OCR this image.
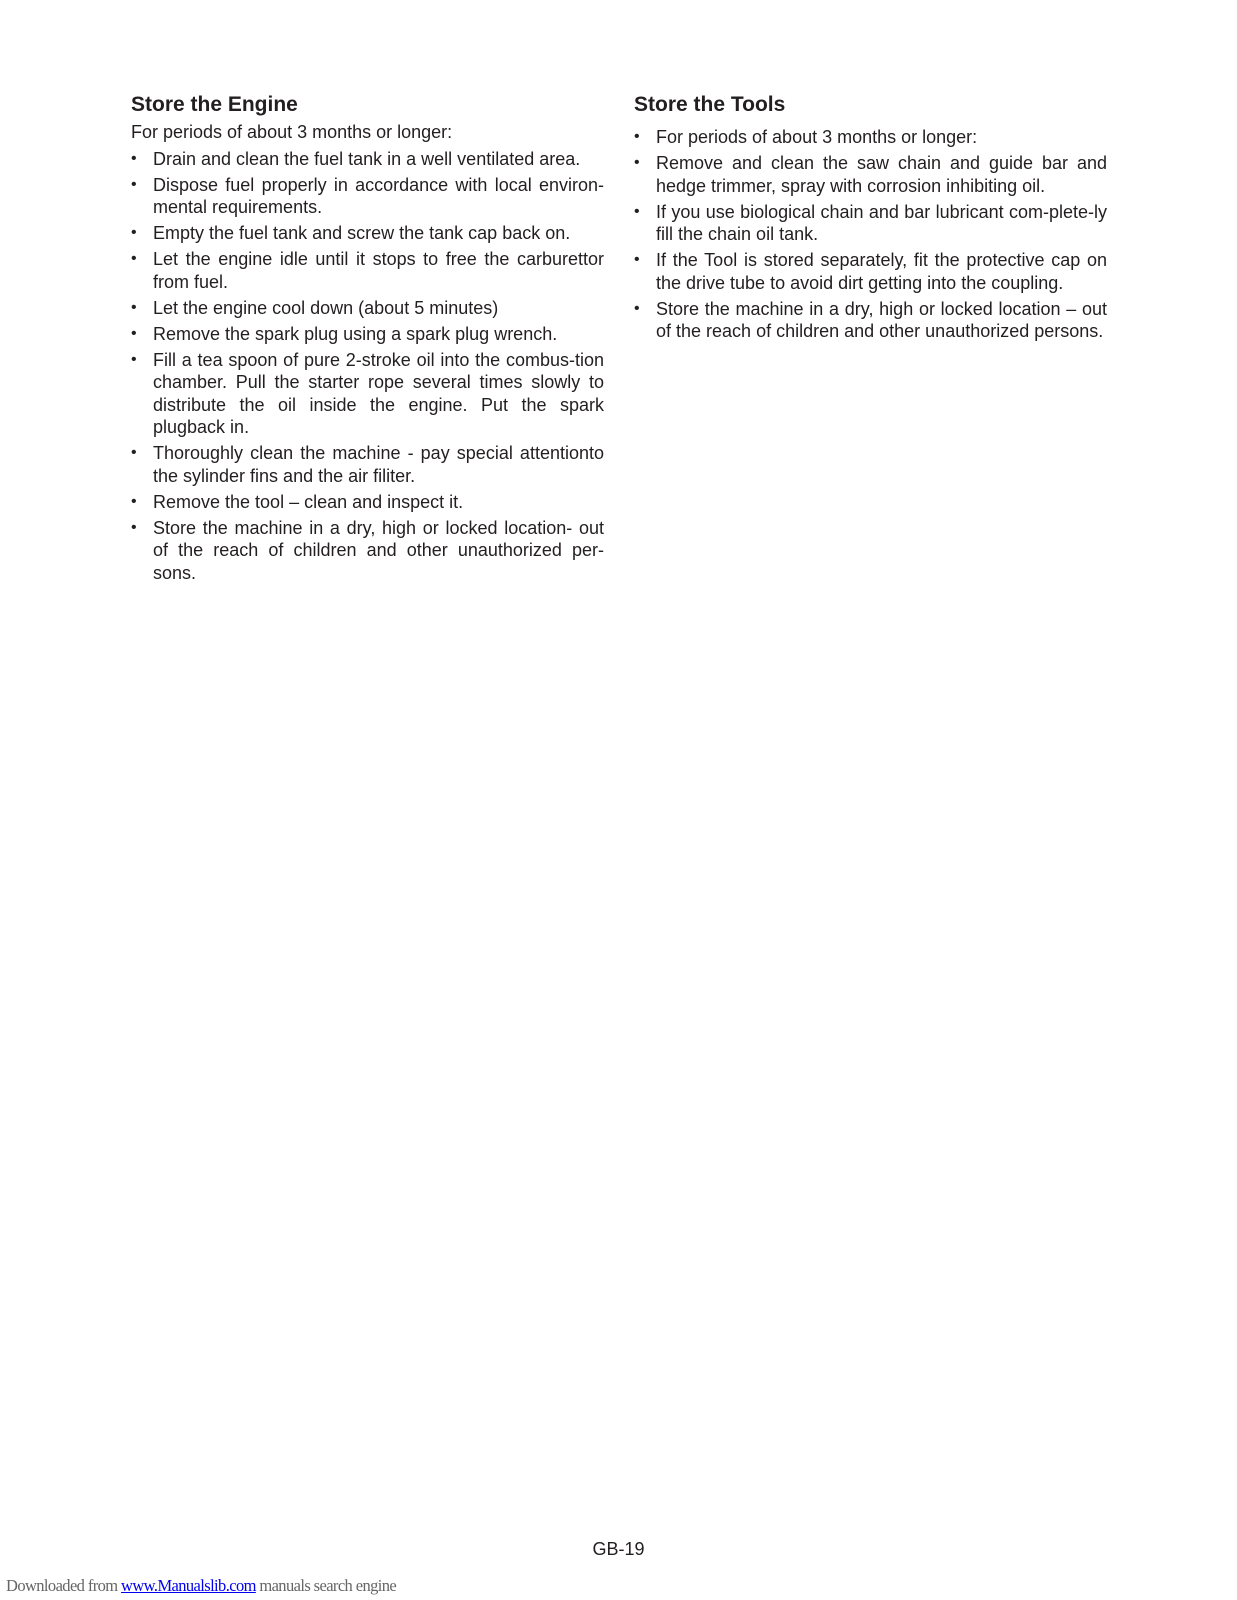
Store the Engine

For periods of about 3 months or longer:

• Drain and clean the fuel tank in a well ventilated area.
• Dispose fuel properly in accordance with local environ-mental requirements.
• Empty the fuel tank and screw the tank cap back on.
• Let the engine idle until it stops to free the carburettor from fuel.
• Let the engine cool down (about 5 minutes)
• Remove the spark plug using a spark plug wrench.
• Fill a tea spoon of pure 2-stroke oil into the combus-tion chamber. Pull the starter rope several times slowly to distribute the oil inside the engine. Put the spark plugback in.
• Thoroughly clean the machine - pay special attentionto the sylinder fins and the air filiter.
• Remove the tool – clean and inspect it.
• Store the machine in a dry, high or locked location- out of the reach of children and other unauthorized per-sons.
Store the Tools
• For periods of about 3 months or longer:
• Remove and clean the saw chain and guide bar and hedge trimmer, spray with corrosion inhibiting oil.
• If you use biological chain and bar lubricant com-plete-ly fill the chain oil tank.
• If the Tool is stored separately, fit the protective cap on the drive tube to avoid dirt getting into the coupling.
• Store the machine in a dry, high or locked location – out of the reach of children and other unauthorized persons.
GB-19
Downloaded from www.Manualslib.com manuals search engine
